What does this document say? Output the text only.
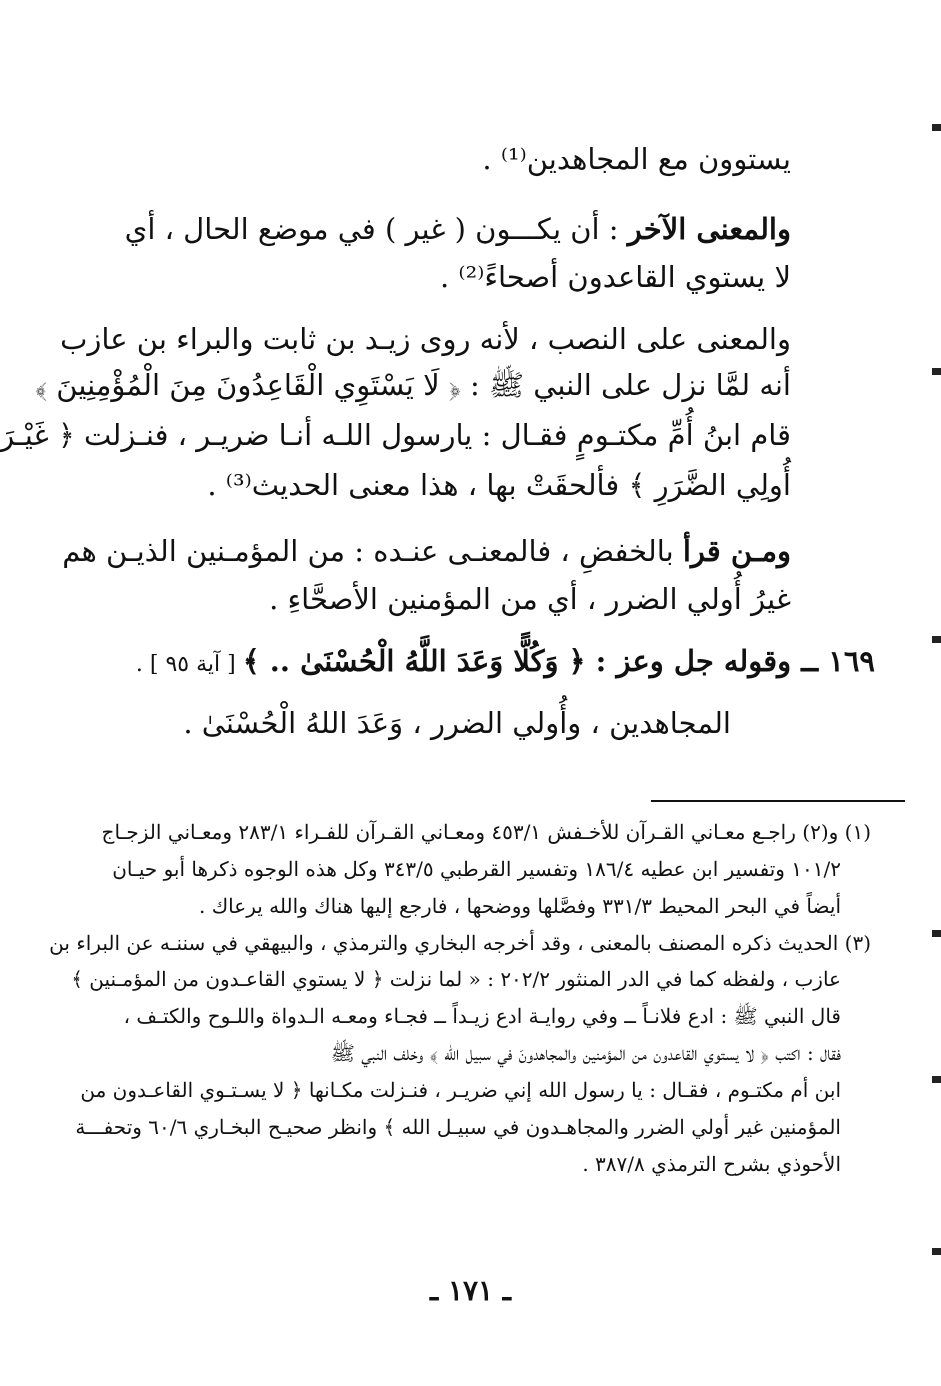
يستوون مع المجاهدين⁽¹⁾ .

والمعنى الآخر : أن يكـــون ( غير ) في موضع الحال ، أي

لا يستوي القاعدون أصحاءً⁽²⁾ .

والمعنى على النصب ، لأنه روى زيـد بن ثابت والبراء بن عازب

أنه لمَّا نزل على النبي ﷺ : ﴿ لَا يَسْتَوِي الْقَاعِدُونَ مِنَ الْمُؤْمِنِينَ ﴾

قام ابنُ أُمِّ مكتـومٍ فقـال : يارسول اللـه أنـا ضريـر ، فنـزلت ﴿ غَيْـرَ

أُولِي الضَّرَرِ ﴾ فألحقَتْ بها ، هذا معنى الحديث⁽³⁾ .

ومـن قرأ بالخفضِ ، فالمعنـى عنـده : من المؤمـنين الذيـن هم

غيرُ أُولي الضرر ، أي من المؤمنين الأصحَّاءِ .

١٦٩ ــ وقوله جل وعز : ﴿ وَكُلًّا وَعَدَ اللَّهُ الْحُسْنَىٰ .. ﴾ [ آية ٩٥ ] .

المجاهدين ، وأُولي الضرر ، وَعَدَ اللهُ الْحُسْنَىٰ .

(١) و(٢) راجـع معـاني القـرآن للأخـفش ٤٥٣/١ ومعـاني القـرآن للفـراء ٢٨٣/١ ومعـاني الزجـاج

١٠١/٢ وتفسير ابن عطيه ١٨٦/٤ وتفسير القرطبي ٣٤٣/٥ وكل هذه الوجوه ذكرها أبو حيـان

أيضاً في البحر المحيط ٣٣١/٣ وفصَّلها ووضحها ، فارجع إليها هناك والله يرعاك .

(٣) الحديث ذكره المصنف بالمعنى ، وقد أخرجه البخاري والترمذي ، والبيهقي في سننـه عن البراء بن

عازب ، ولفظه كما في الدر المنثور ٢٠٢/٢ : « لما نزلت ﴿ لا يستوي القاعـدون من المؤمـنين ﴾

قال النبي ﷺ : ادع فلانـاً ــ وفي روايـة ادع زيـداً ــ فجـاء ومعـه الـدواة واللـوح والكتـف ،

فقال : اكتب ﴿ لا يستوي القاعدون من المؤمنين والمجاهدونَ في سبيل الله ﴾ وخلف النبي ﷺ

ابن أم مكتـوم ، فقـال : يا رسول الله إني ضريـر ، فنـزلت مكـانها ﴿ لا يسـتـوي القاعـدون من

المؤمنين غير أولي الضرر والمجاهـدون في سبيـل الله ﴾ وانظر صحيـح البخـاري ٦٠/٦ وتحفـــة

الأحوذي بشرح الترمذي ٣٨٧/٨ .

ـ ١٧١ ـ
